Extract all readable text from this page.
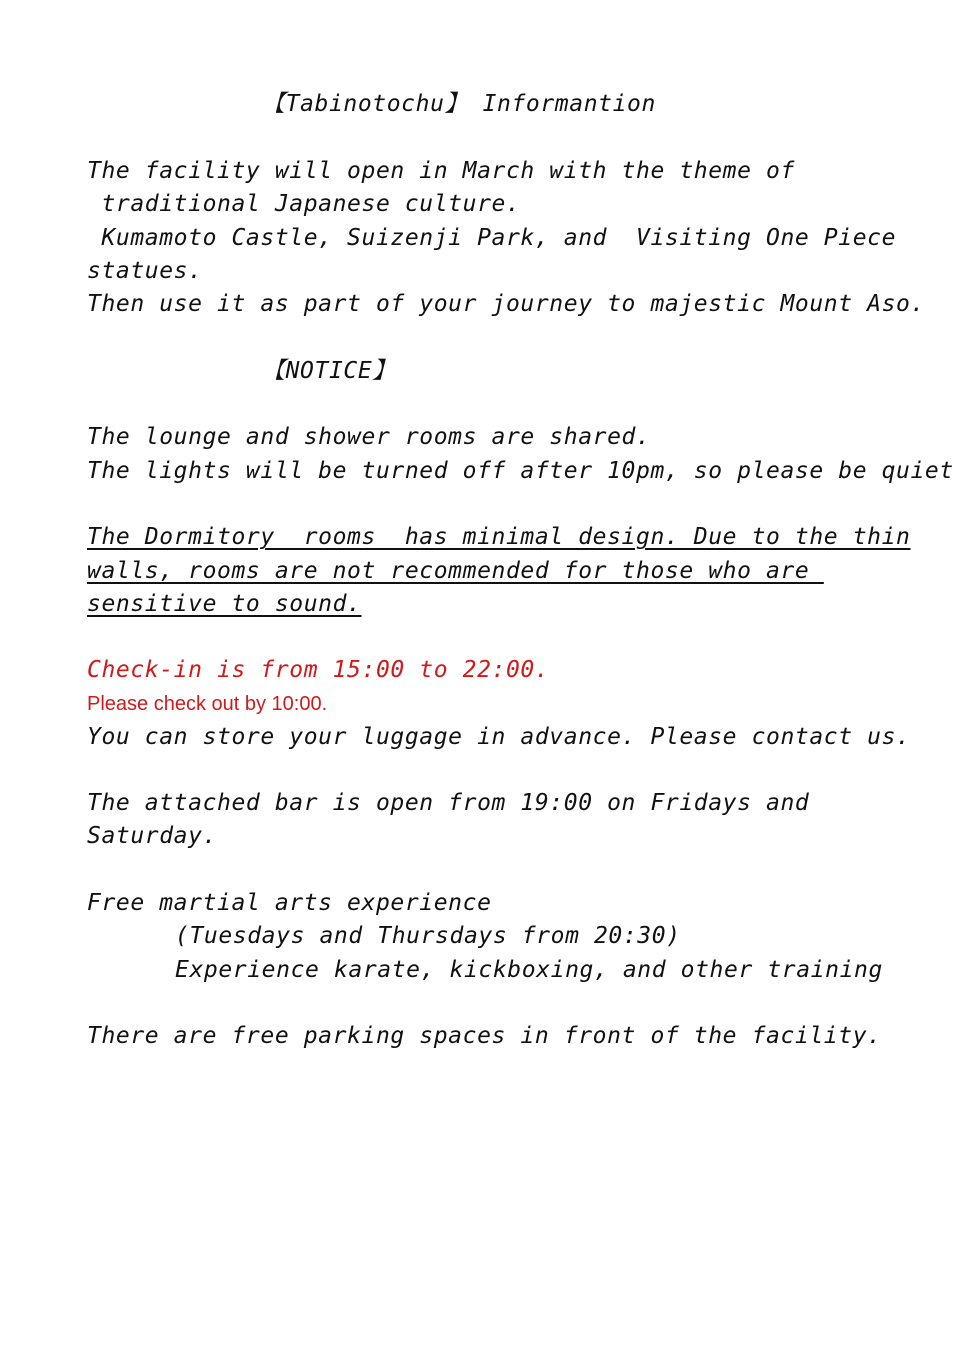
【Tabinotochu】 Informantion
The facility will open in March with the theme of
traditional Japanese culture.
Kumamoto Castle, Suizenji Park, and  Visiting One Piece
statues.
Then use it as part of your journey to majestic Mount Aso.
【NOTICE】
The lounge and shower rooms are shared.
The lights will be turned off after 10pm, so please be quiet
The Dormitory  rooms  has minimal design. Due to the thin
walls, rooms are not recommended for those who are
sensitive to sound.
Check-in is from 15:00 to 22:00.
Please check out by 10:00.
You can store your luggage in advance. Please contact us.
The attached bar is open from 19:00 on Fridays and
Saturday.
Free martial arts experience
(Tuesdays and Thursdays from 20:30)
Experience karate, kickboxing, and other training
There are free parking spaces in front of the facility.
